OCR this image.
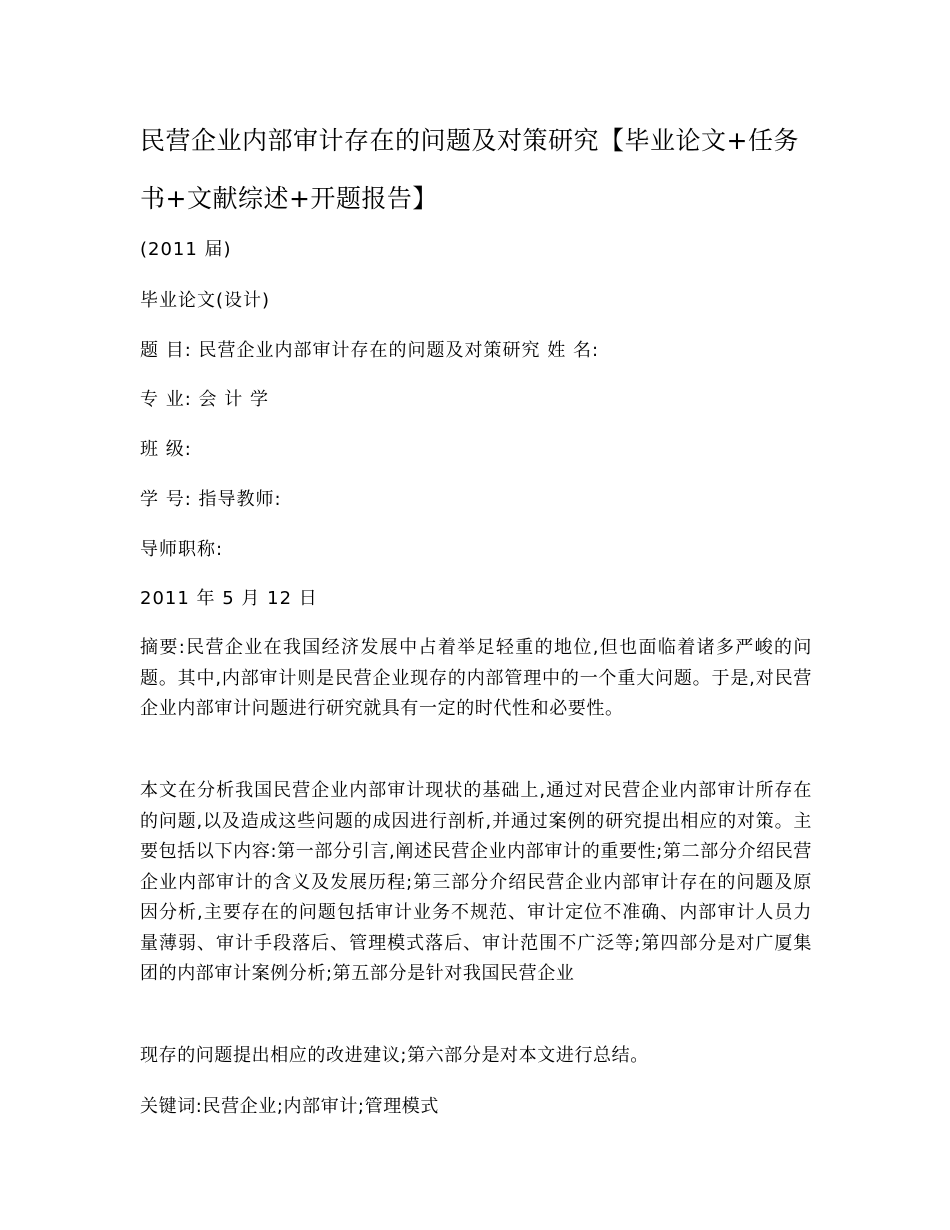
民营企业内部审计存在的问题及对策研究【毕业论文+任务书+文献综述+开题报告】

(2011 届)

毕业论文(设计)

题 目: 民营企业内部审计存在的问题及对策研究 姓 名:

专 业: 会 计 学

班 级:

学 号: 指导教师:

导师职称:

2011 年 5 月 12 日

摘要:民营企业在我国经济发展中占着举足轻重的地位,但也面临着诸多严峻的问题。其中,内部审计则是民营企业现存的内部管理中的一个重大问题。于是,对民营企业内部审计问题进行研究就具有一定的时代性和必要性。

本文在分析我国民营企业内部审计现状的基础上,通过对民营企业内部审计所存在的问题,以及造成这些问题的成因进行剖析,并通过案例的研究提出相应的对策。主要包括以下内容:第一部分引言,阐述民营企业内部审计的重要性;第二部分介绍民营企业内部审计的含义及发展历程;第三部分介绍民营企业内部审计存在的问题及原因分析,主要存在的问题包括审计业务不规范、审计定位不准确、内部审计人员力量薄弱、审计手段落后、管理模式落后、审计范围不广泛等;第四部分是对广厦集团的内部审计案例分析;第五部分是针对我国民营企业

现存的问题提出相应的改进建议;第六部分是对本文进行总结。

关键词:民营企业;内部审计;管理模式
